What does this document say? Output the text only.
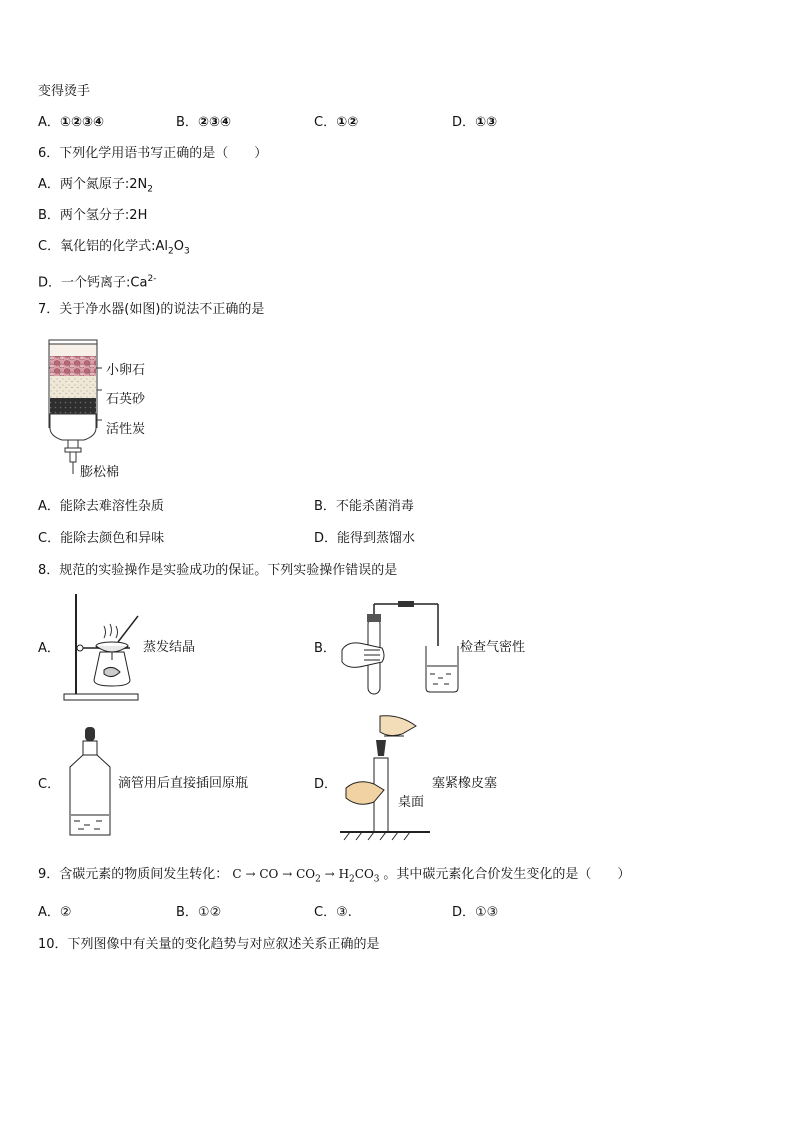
变得烫手
A．①②③④	B．②③④	C．①②	D．①③
6．下列化学用语书写正确的是（　　）
A．两个氮原子$:2N_2$
B．两个氢分子:2H
C．氧化铝的化学式$:Al_2O_3$
D．一个钙离子$:Ca^{2-}$
7．关于净水器(如图)的说法不正确的是
小卵石
石英砂
活性炭
膨松棉
A．能除去难溶性杂质	B．不能杀菌消毒
C．能除去颜色和异味	D．能得到蒸馏水
8．规范的实验操作是实验成功的保证。下列实验操作错误的是
A．	蒸发结晶	B．	检查气密性
C．	滴管用后直接插回原瓶	D．	塞紧橡皮塞
桌面
9．含碳元素的物质间发生转化： C → CO → $CO_2 \to H_2CO_3$ 。其中碳元素化合价发生变化的是（　　）
A．②	B．①②	C．③.	D．①③
10．下列图像中有关量的变化趋势与对应叙述关系正确的是
